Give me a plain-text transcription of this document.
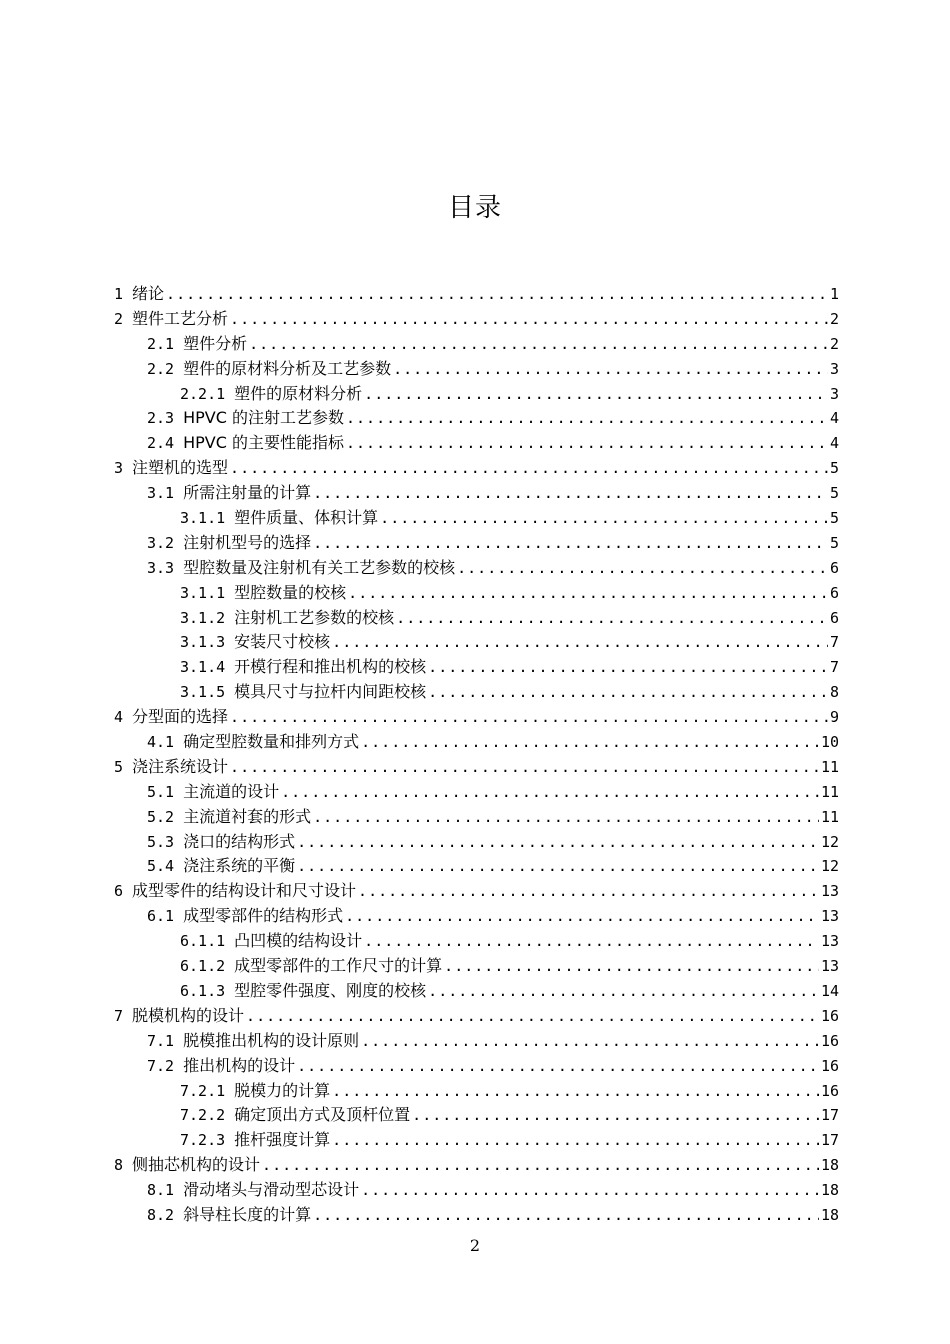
目录
1 绪论 .....	1
2 塑件工艺分析 .....	2
2.1 塑件分析 .....	2
2.2 塑件的原材料分析及工艺参数 .....	3
2.2.1 塑件的原材料分析 .....	3
2.3 HPVC 的注射工艺参数 .....	4
2.4 HPVC 的主要性能指标 .....	4
3 注塑机的选型 .....	5
3.1 所需注射量的计算 .....	5
3.1.1 塑件质量、体积计算 .....	5
3.2 注射机型号的选择 .....	5
3.3 型腔数量及注射机有关工艺参数的校核 .....	6
3.1.1 型腔数量的校核 .....	6
3.1.2 注射机工艺参数的校核 .....	6
3.1.3 安装尺寸校核 .....	7
3.1.4 开模行程和推出机构的校核 .....	7
3.1.5 模具尺寸与拉杆内间距校核 .....	8
4 分型面的选择 .....	9
4.1 确定型腔数量和排列方式 .....	10
5 浇注系统设计 .....	11
5.1 主流道的设计 .....	11
5.2 主流道衬套的形式 .....	11
5.3 浇口的结构形式 .....	12
5.4 浇注系统的平衡 .....	12
6 成型零件的结构设计和尺寸设计 .....	13
6.1 成型零部件的结构形式 .....	13
6.1.1 凸凹模的结构设计 .....	13
6.1.2 成型零部件的工作尺寸的计算 .....	13
6.1.3 型腔零件强度、刚度的校核 .....	14
7 脱模机构的设计 .....	16
7.1 脱模推出机构的设计原则 .....	16
7.2 推出机构的设计 .....	16
7.2.1 脱模力的计算 .....	16
7.2.2 确定顶出方式及顶杆位置 .....	17
7.2.3 推杆强度计算 .....	17
8 侧抽芯机构的设计 .....	18
8.1 滑动堵头与滑动型芯设计 .....	18
8.2 斜导柱长度的计算 .....	18
2
